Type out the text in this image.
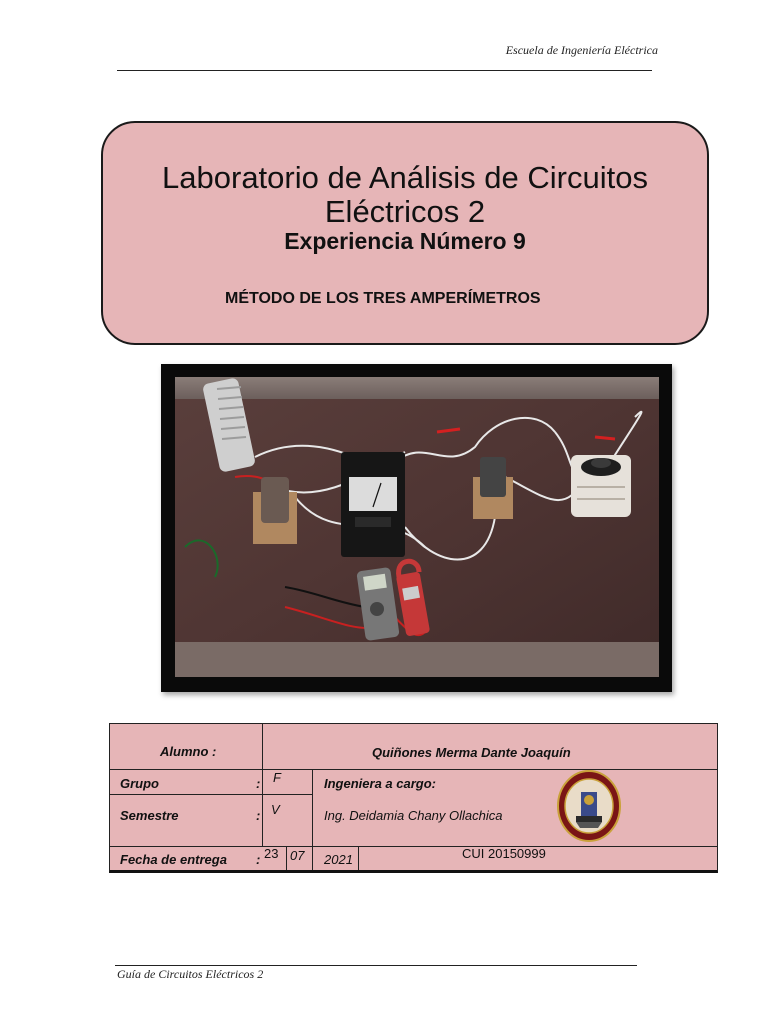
Escuela de Ingeniería Eléctrica
Laboratorio de Análisis de Circuitos
Eléctricos 2
Experiencia Número 9
MÉTODO DE LOS TRES AMPERÍMETROS
Alumno :	Quiñones Merma Dante Joaquín
Grupo	: F	Ingeniera a cargo:
Semestre	: V	Ing. Deidamia Chany Ollachica
Fecha de entrega : 23 07 2021	CUI 20150999
Guía de Circuitos Eléctricos 2
